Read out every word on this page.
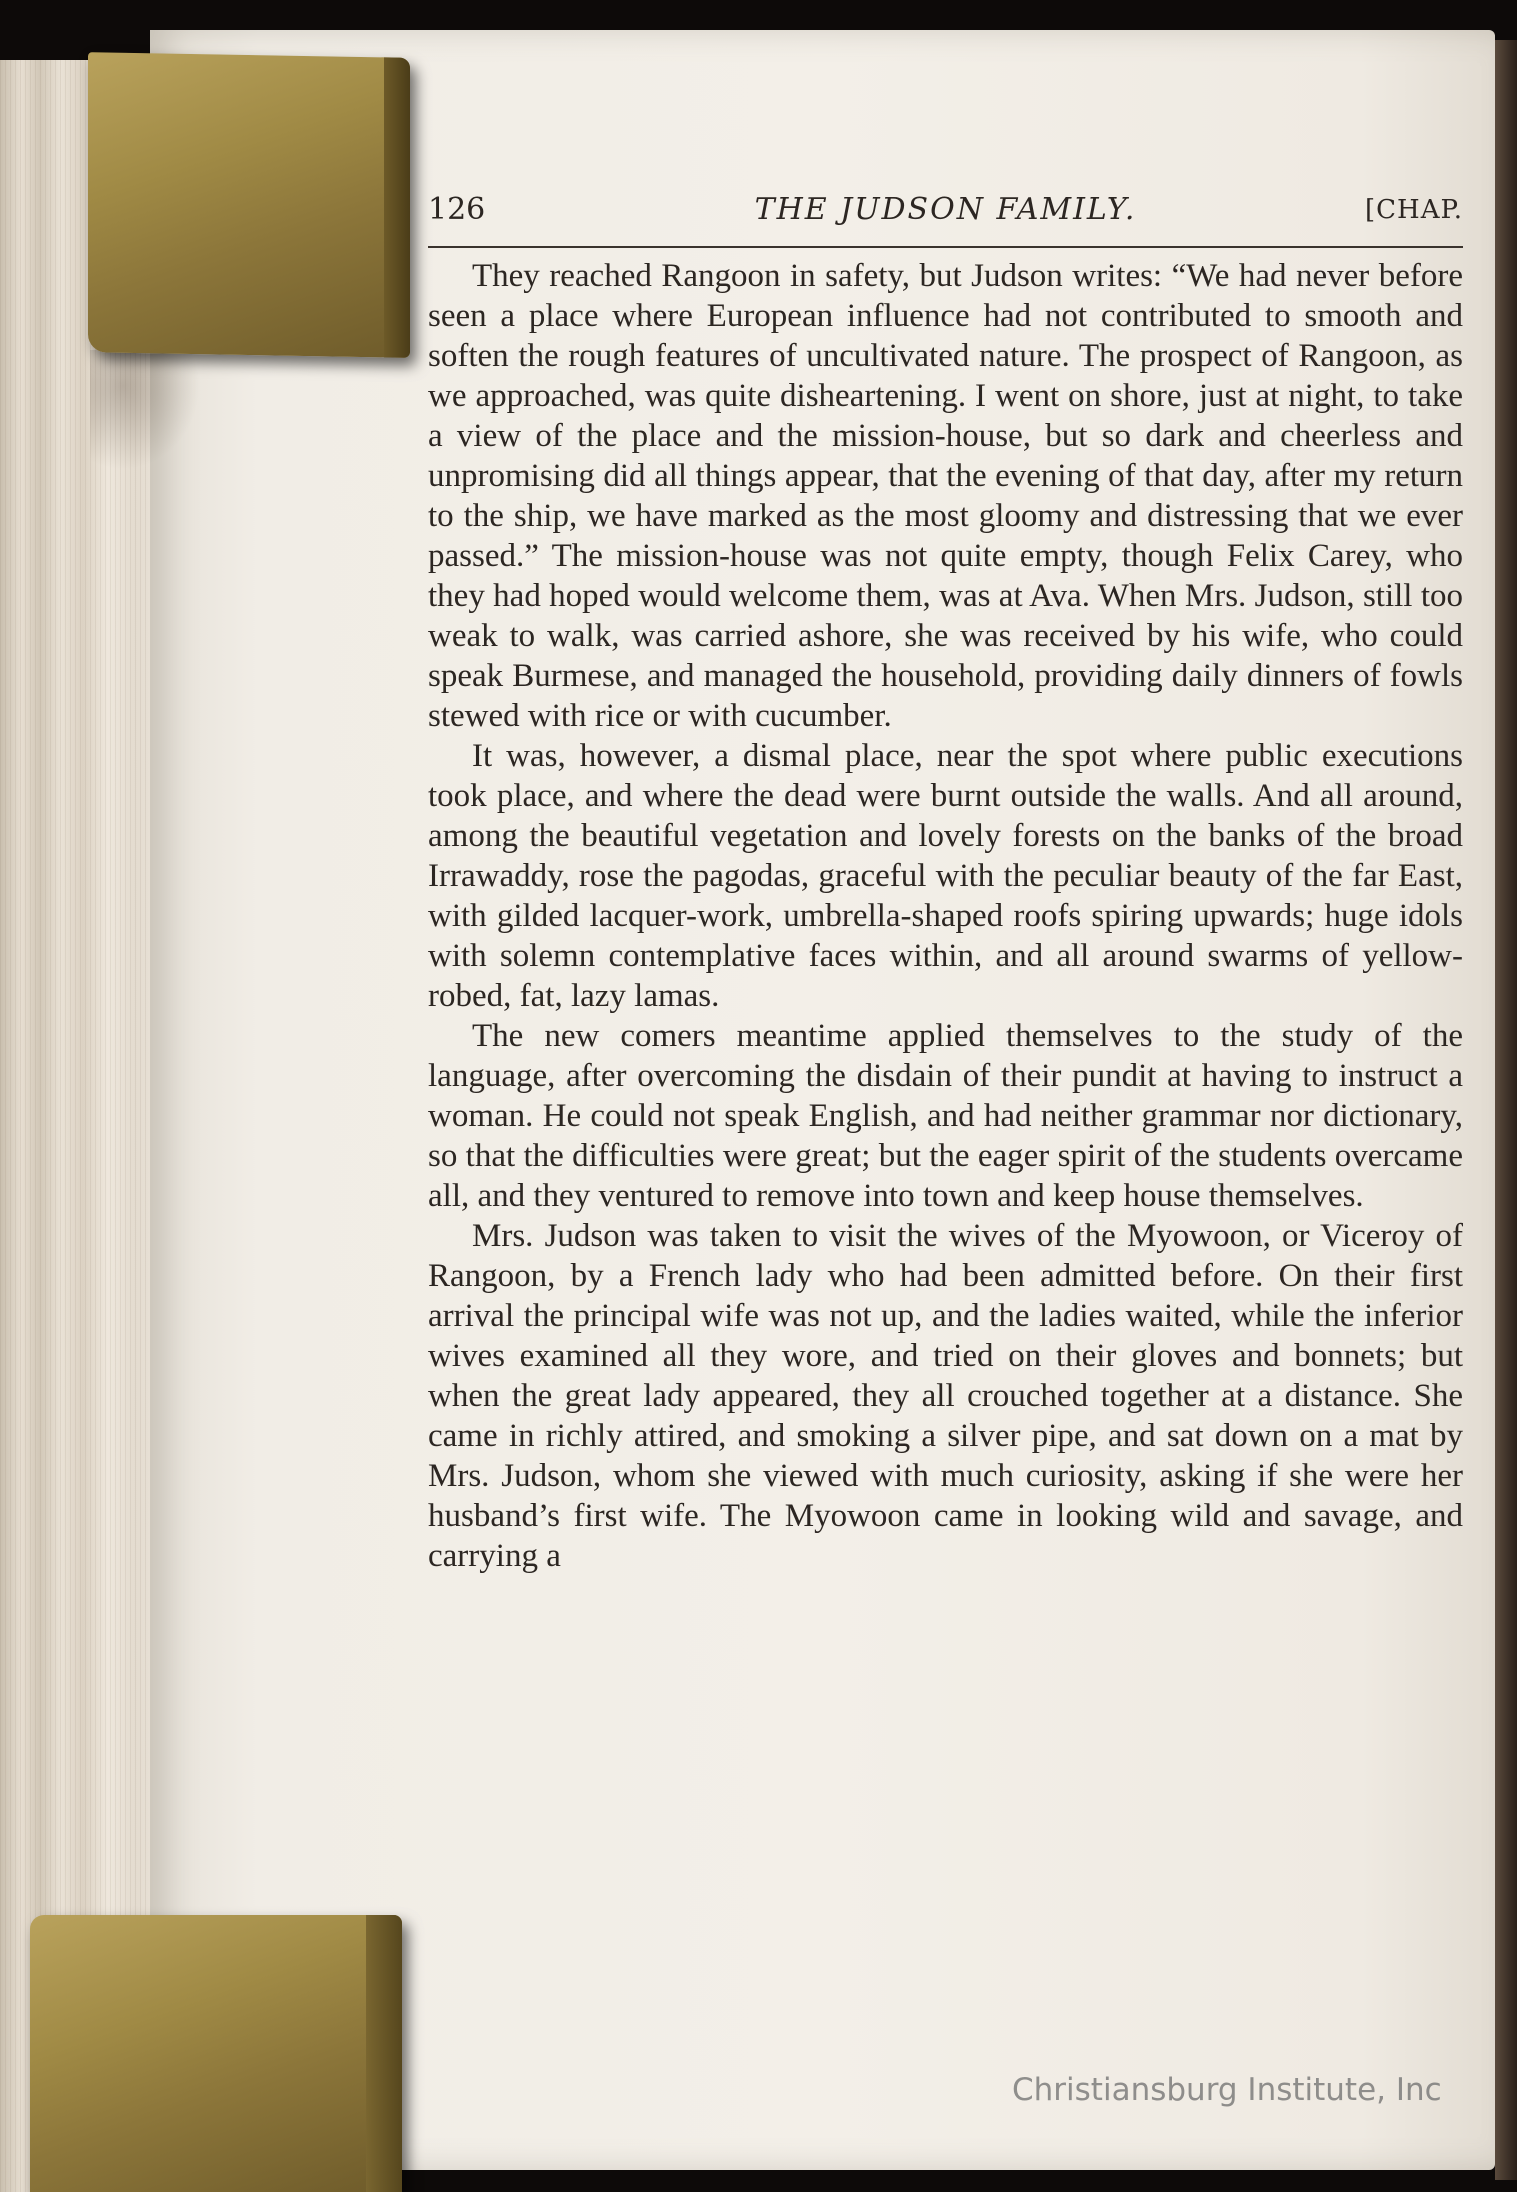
126	THE JUDSON FAMILY.	[CHAP.

They reached Rangoon in safety, but Judson writes: “We had never before seen a place where European influence had not contributed to smooth and soften the rough features of uncultivated nature. The prospect of Rangoon, as we approached, was quite disheartening. I went on shore, just at night, to take a view of the place and the mission-house, but so dark and cheerless and unpromising did all things appear, that the evening of that day, after my return to the ship, we have marked as the most gloomy and distressing that we ever passed.” The mission-house was not quite empty, though Felix Carey, who they had hoped would welcome them, was at Ava. When Mrs. Judson, still too weak to walk, was carried ashore, she was received by his wife, who could speak Burmese, and managed the household, providing daily dinners of fowls stewed with rice or with cucumber.

It was, however, a dismal place, near the spot where public executions took place, and where the dead were burnt outside the walls. And all around, among the beautiful vegetation and lovely forests on the banks of the broad Irrawaddy, rose the pagodas, graceful with the peculiar beauty of the far East, with gilded lacquer-work, umbrella-shaped roofs spiring upwards; huge idols with solemn contemplative faces within, and all around swarms of yellow-robed, fat, lazy lamas.

The new comers meantime applied themselves to the study of the language, after overcoming the disdain of their pundit at having to instruct a woman. He could not speak English, and had neither grammar nor dictionary, so that the difficulties were great; but the eager spirit of the students overcame all, and they ventured to remove into town and keep house themselves.

Mrs. Judson was taken to visit the wives of the Myowoon, or Viceroy of Rangoon, by a French lady who had been admitted before. On their first arrival the principal wife was not up, and the ladies waited, while the inferior wives examined all they wore, and tried on their gloves and bonnets; but when the great lady appeared, they all crouched together at a distance. She came in richly attired, and smoking a silver pipe, and sat down on a mat by Mrs. Judson, whom she viewed with much curiosity, asking if she were her husband’s first wife. The Myowoon came in looking wild and savage, and carrying a

Christiansburg Institute, Inc
